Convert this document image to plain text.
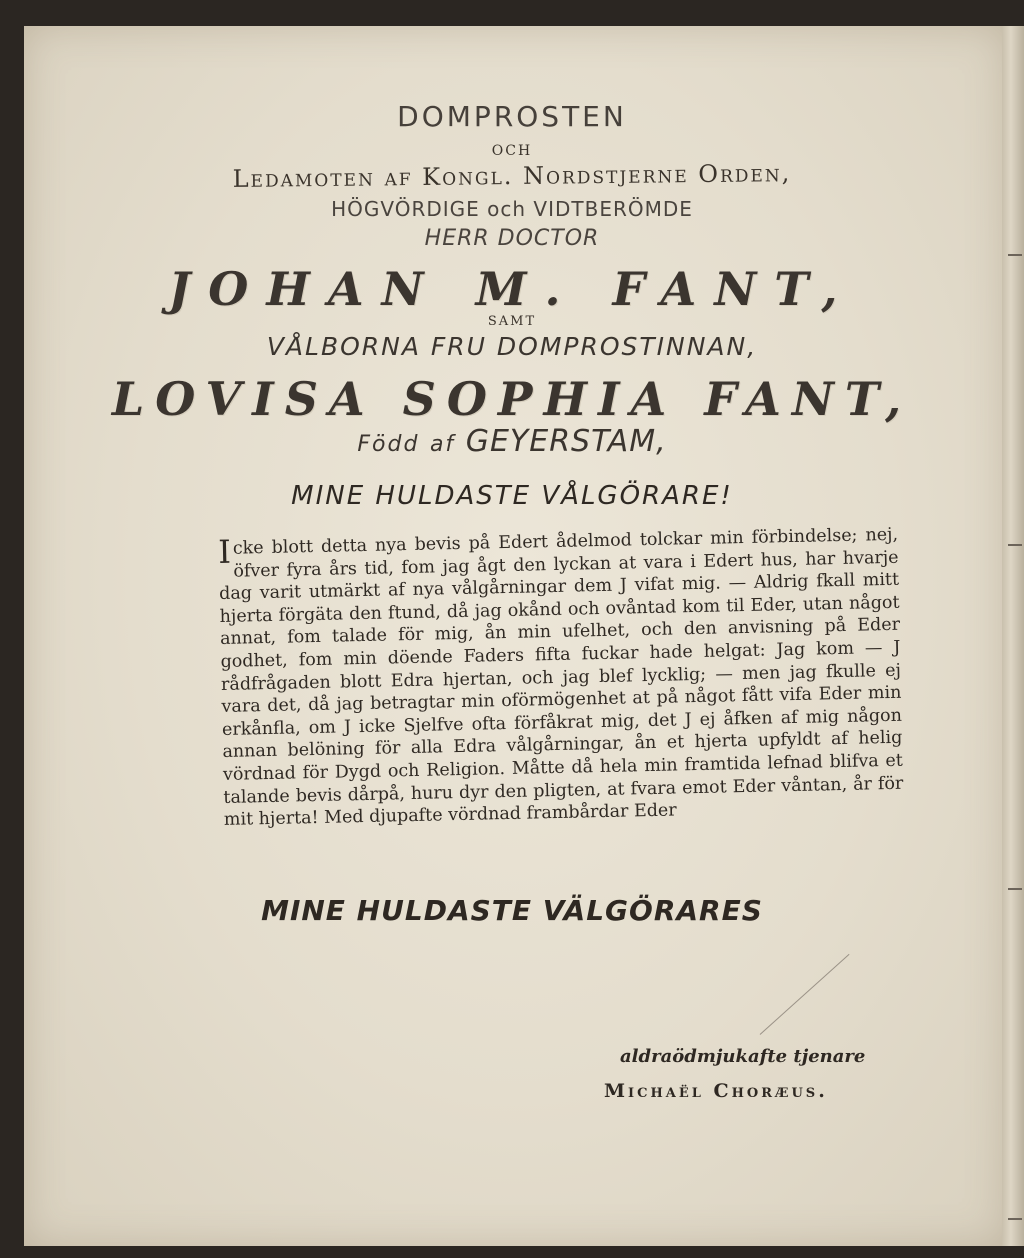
DOMPROSTEN

OCH

Ledamoten af Kongl. Nordstjerne Orden,

HÖGVÖRDIGE och VIDTBERÖMDE

HERR DOCTOR

JOHAN M. FANT,

SAMT

VÅLBORNA FRU DOMPROSTINNAN,

LOVISA SOPHIA FANT,

Född af GEYERSTAM,

MINE HULDASTE VÅLGÖRARE!

Icke blott detta nya bevis på Edert ådelmod tolckar min förbindelse; nej, öfver fyra års tid, fom jag ågt den lyckan at vara i Edert hus, har hvarje dag varit utmärkt af nya vålgårningar dem J vifat mig. — Aldrig fkall mitt hjerta förgäta den ftund, då jag okånd och ovåntad kom til Eder, utan något annat, fom talade för mig, ån min ufelhet, och den anvisning på Eder godhet, fom min döende Faders fifta fuckar hade helgat: Jag kom — J rådfrågaden blott Edra hjertan, och jag blef lycklig; — men jag fkulle ej vara det, då jag betragtar min oförmögenhet at på något fått vifa Eder min erkånfla, om J icke Sjelfve ofta förfåkrat mig, det J ej åfken af mig någon annan belöning för alla Edra vålgårningar, ån et hjerta upfyldt af helig vördnad för Dygd och Religion. Måtte då hela min framtida lefnad blifva et talande bevis dårpå, huru dyr den pligten, at fvara emot Eder våntan, år för mit hjerta! Med djupafte vördnad frambårdar Eder

MINE HULDASTE VÄLGÖRARES

aldraödmjukafte tjenare

Michaël Choræus.
